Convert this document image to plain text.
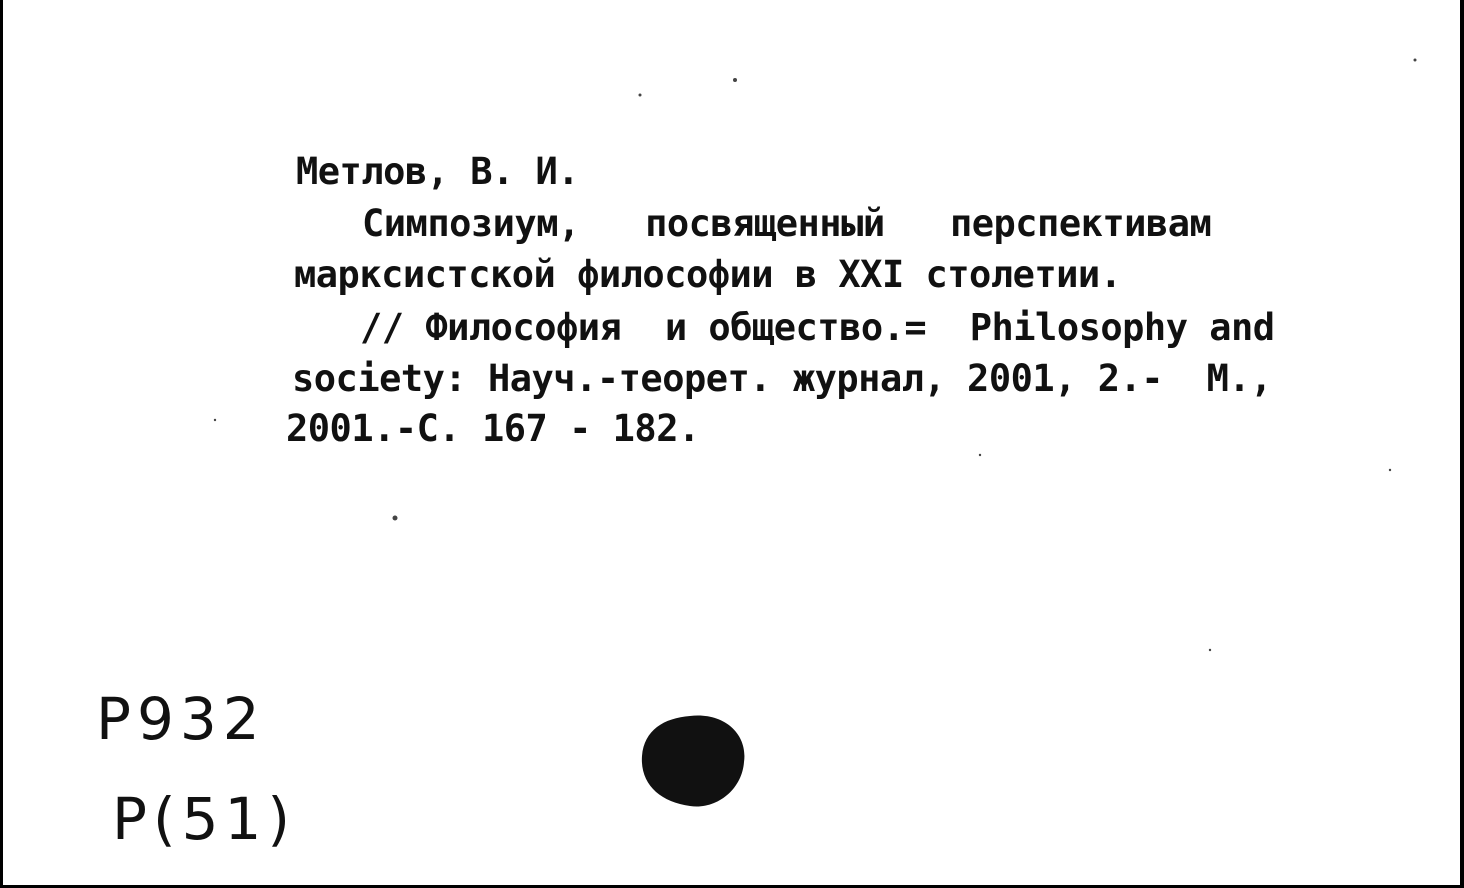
Метлов, В. И.
Симпозиум,   посвященный   перспективам
марксистской философии в XXI столетии.
// Философия  и общество.=  Philosophy and
society: Науч.-теорет. журнал, 2001, 2.-  М.,
2001.-С. 167 - 182.
Р932
Р(51)
